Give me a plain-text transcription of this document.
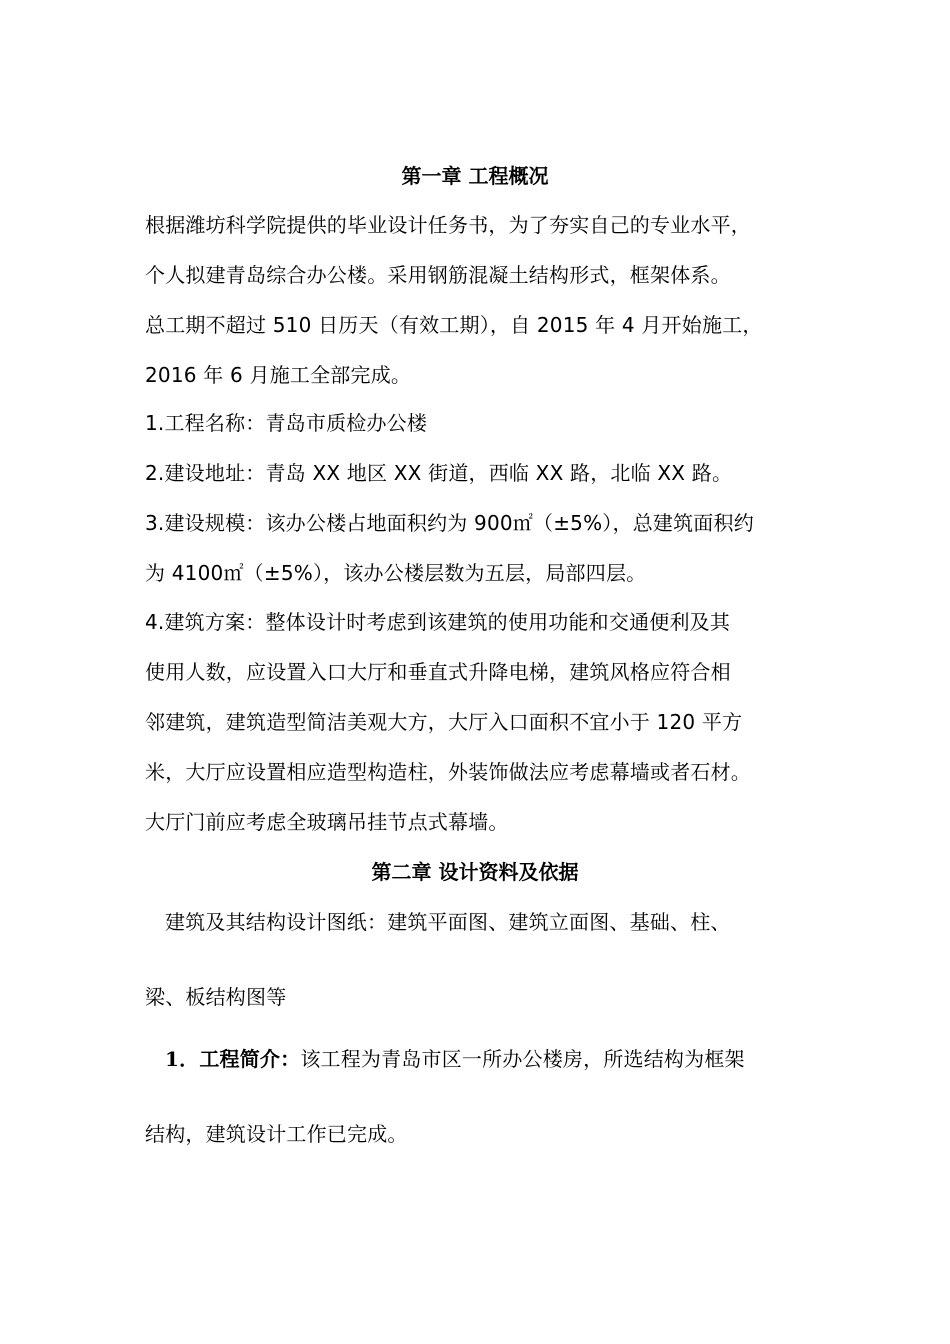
第一章 工程概况
根据潍坊科学院提供的毕业设计任务书，为了夯实自己的专业水平，
个人拟建青岛综合办公楼。采用钢筋混凝土结构形式，框架体系。
总工期不超过 510 日历天（有效工期），自 2015 年 4 月开始施工，
2016 年 6 月施工全部完成。
1.工程名称：青岛市质检办公楼
2.建设地址：青岛 XX 地区 XX 街道，西临 XX 路，北临 XX 路。
3.建设规模：该办公楼占地面积约为 900㎡（±5%），总建筑面积约
为 4100㎡（±5%），该办公楼层数为五层，局部四层。
4.建筑方案：整体设计时考虑到该建筑的使用功能和交通便利及其
使用人数，应设置入口大厅和垂直式升降电梯，建筑风格应符合相
邻建筑，建筑造型简洁美观大方，大厅入口面积不宜小于 120 平方
米，大厅应设置相应造型构造柱，外装饰做法应考虑幕墙或者石材。
大厅门前应考虑全玻璃吊挂节点式幕墙。
第二章 设计资料及依据
建筑及其结构设计图纸：建筑平面图、建筑立面图、基础、柱、
梁、板结构图等
1．工程简介：该工程为青岛市区一所办公楼房，所选结构为框架
结构，建筑设计工作已完成。
